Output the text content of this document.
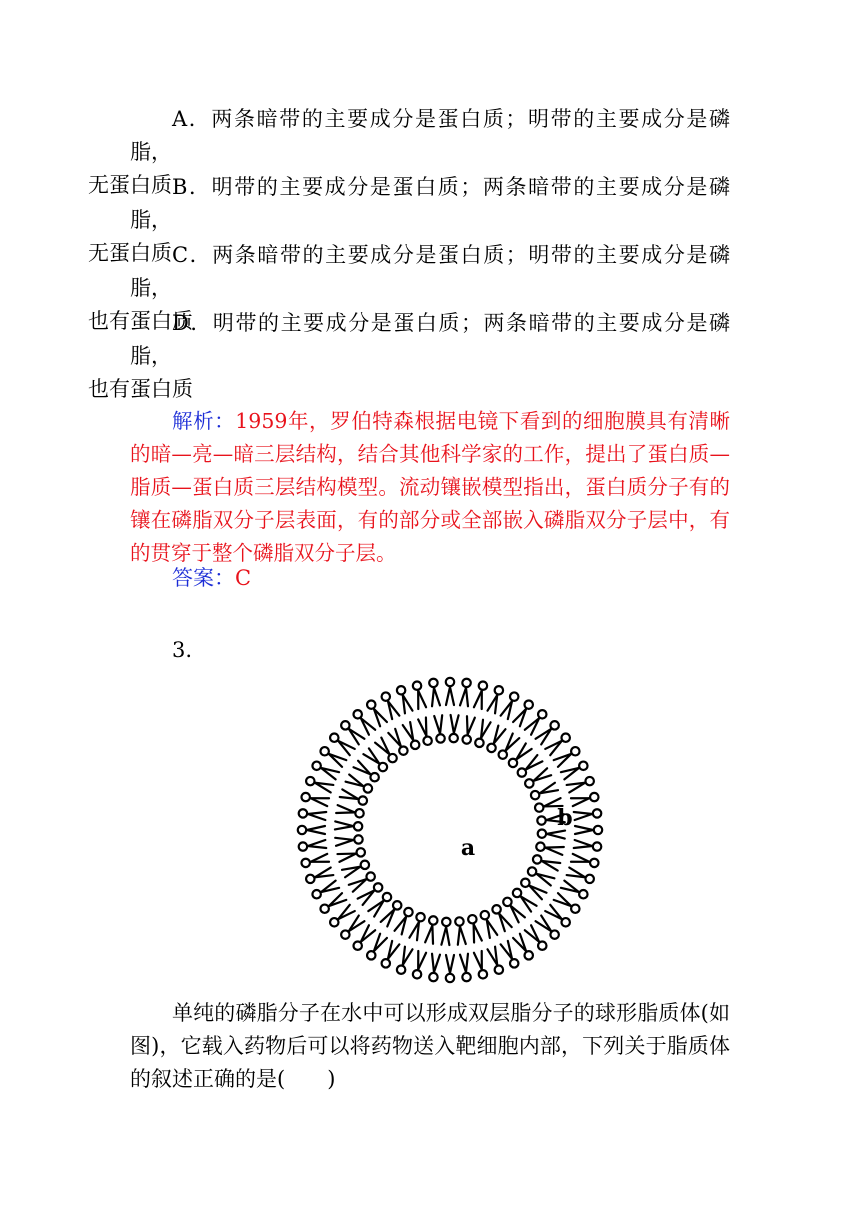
A．两条暗带的主要成分是蛋白质；明带的主要成分是磷脂，
无蛋白质 B．明带的主要成分是蛋白质；两条暗带的主要成分是磷脂，
无蛋白质 C．两条暗带的主要成分是蛋白质；明带的主要成分是磷脂，
也有蛋白质
D．明带的主要成分是蛋白质；两条暗带的主要成分是磷脂，
也有蛋白质

解析：1959年，罗伯特森根据电镜下看到的细胞膜具有清晰的暗—亮—暗三层结构，结合其他科学家的工作，提出了蛋白质—脂质—蛋白质三层结构模型。流动镶嵌模型指出，蛋白质分子有的镶在磷脂双分子层表面，有的部分或全部嵌入磷脂双分子层中，有的贯穿于整个磷脂双分子层。

答案：C

3.
a
b

单纯的磷脂分子在水中可以形成双层脂分子的球形脂质体(如图)，它载入药物后可以将药物送入靶细胞内部，下列关于脂质体的叙述正确的是(　　)
